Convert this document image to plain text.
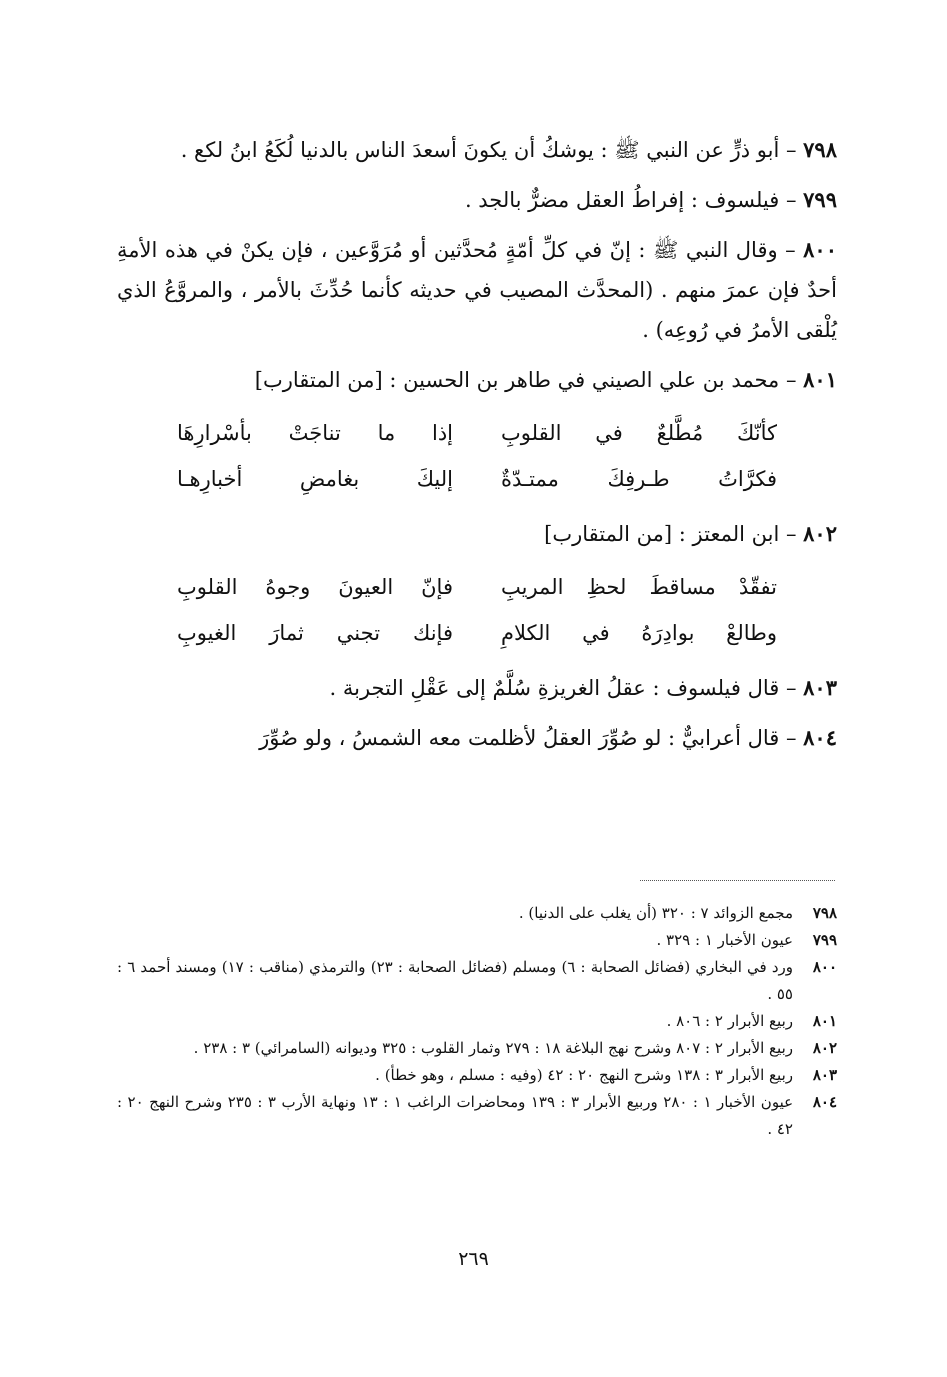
٧٩٨ – أبو ذرٍّ عن النبي ﷺ : يوشكُ أن يكونَ أسعدَ الناس بالدنيا لُكَعُ ابنُ لكع .

٧٩٩ – فيلسوف : إفراطُ العقل مضرٌّ بالجد .

٨٠٠ – وقال النبي ﷺ : إنّ في كلِّ أمّةٍ مُحدَّثين أو مُرَوَّعين ، فإن يكنْ في هذه الأمةِ أحدٌ فإن عمرَ منهم . (المحدَّث المصيب في حديثه كأنما حُدِّثَ بالأمر ، والمروَّعُ الذي يُلْقى الأمرُ في رُوعِه) .

٨٠١ – محمد بن علي الصيني في طاهر بن الحسين : [من المتقارب]

كأنّكَ مُطَّلعٌ في القلوبِ
إذا ما تناجَتْ بأسْرارِهَا
فكرَّاتُ طـرفِكَ ممتـدّةٌ
إليكَ بغامضِ أخبارِهـا

٨٠٢ – ابن المعتز : [من المتقارب]

تفقّدْ مساقطَ لحظِ المريبِ
فإنّ العيونَ وجوهُ القلوبِ
وطالعْ بوادِرَهُ في الكلامِ
فإنك تجني ثمارَ الغيوبِ

٨٠٣ – قال فيلسوف : عقلُ الغريزةِ سُلَّمٌ إلى عَقْلِ التجربة .

٨٠٤ – قال أعرابيٌّ : لو صُوِّرَ العقلُ لأظلمت معه الشمسُ ، ولو صُوِّرَ

٧٩٨
مجمع الزوائد ٧ : ٣٢٠ (أن يغلب على الدنيا) .
٧٩٩
عيون الأخبار ١ : ٣٢٩ .
٨٠٠
ورد في البخاري (فضائل الصحابة : ٦) ومسلم (فضائل الصحابة : ٢٣) والترمذي (مناقب : ١٧) ومسند أحمد ٦ : ٥٥ .
٨٠١
ربيع الأبرار ٢ : ٨٠٦ .
٨٠٢
ربيع الأبرار ٢ : ٨٠٧ وشرح نهج البلاغة ١٨ : ٢٧٩ وثمار القلوب : ٣٢٥ وديوانه (السامرائي) ٣ : ٢٣٨ .
٨٠٣
ربيع الأبرار ٣ : ١٣٨ وشرح النهج ٢٠ : ٤٢ (وفيه : مسلم ، وهو خطأ) .
٨٠٤
عيون الأخبار ١ : ٢٨٠ وربيع الأبرار ٣ : ١٣٩ ومحاضرات الراغب ١ : ١٣ ونهاية الأرب ٣ : ٢٣٥ وشرح النهج ٢٠ : ٤٢ .
٢٦٩
